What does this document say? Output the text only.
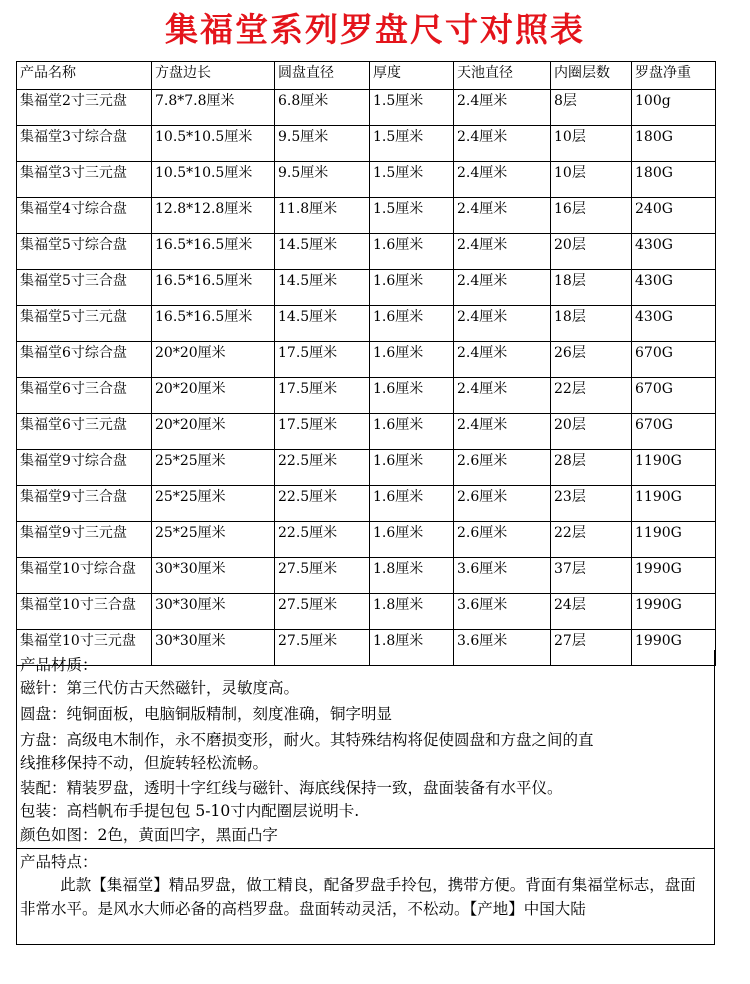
集福堂系列罗盘尺寸对照表
产品名称	方盘边长	圆盘直径	厚度	天池直径	内圈层数	罗盘净重
集福堂2寸三元盘	7.8*7.8厘米	6.8厘米	1.5厘米	2.4厘米	8层	100g
集福堂3寸综合盘	10.5*10.5厘米	9.5厘米	1.5厘米	2.4厘米	10层	180G
集福堂3寸三元盘	10.5*10.5厘米	9.5厘米	1.5厘米	2.4厘米	10层	180G
集福堂4寸综合盘	12.8*12.8厘米	11.8厘米	1.5厘米	2.4厘米	16层	240G
集福堂5寸综合盘	16.5*16.5厘米	14.5厘米	1.6厘米	2.4厘米	20层	430G
集福堂5寸三合盘	16.5*16.5厘米	14.5厘米	1.6厘米	2.4厘米	18层	430G
集福堂5寸三元盘	16.5*16.5厘米	14.5厘米	1.6厘米	2.4厘米	18层	430G
集福堂6寸综合盘	20*20厘米	17.5厘米	1.6厘米	2.4厘米	26层	670G
集福堂6寸三合盘	20*20厘米	17.5厘米	1.6厘米	2.4厘米	22层	670G
集福堂6寸三元盘	20*20厘米	17.5厘米	1.6厘米	2.4厘米	20层	670G
集福堂9寸综合盘	25*25厘米	22.5厘米	1.6厘米	2.6厘米	28层	1190G
集福堂9寸三合盘	25*25厘米	22.5厘米	1.6厘米	2.6厘米	23层	1190G
集福堂9寸三元盘	25*25厘米	22.5厘米	1.6厘米	2.6厘米	22层	1190G
集福堂10寸综合盘	30*30厘米	27.5厘米	1.8厘米	3.6厘米	37层	1990G
集福堂10寸三合盘	30*30厘米	27.5厘米	1.8厘米	3.6厘米	24层	1990G
集福堂10寸三元盘	30*30厘米	27.5厘米	1.8厘米	3.6厘米	27层	1990G
产品材质：
磁针：第三代仿古天然磁针，灵敏度高。
圆盘：纯铜面板，电脑铜版精制，刻度准确，铜字明显
方盘：高级电木制作，永不磨损变形，耐火。其特殊结构将促使圆盘和方盘之间的直
线推移保持不动，但旋转轻松流畅。
装配：精装罗盘，透明十字红线与磁针、海底线保持一致，盘面装备有水平仪。
包装：高档帆布手提包包 5-10寸内配圈层说明卡.
颜色如图：2色，黄面凹字，黑面凸字
产品特点：
此款【集福堂】精品罗盘，做工精良，配备罗盘手拎包，携带方便。背面有集福堂标志，盘面非常水平。是风水大师必备的高档罗盘。盘面转动灵活，不松动。【产地】中国大陆
